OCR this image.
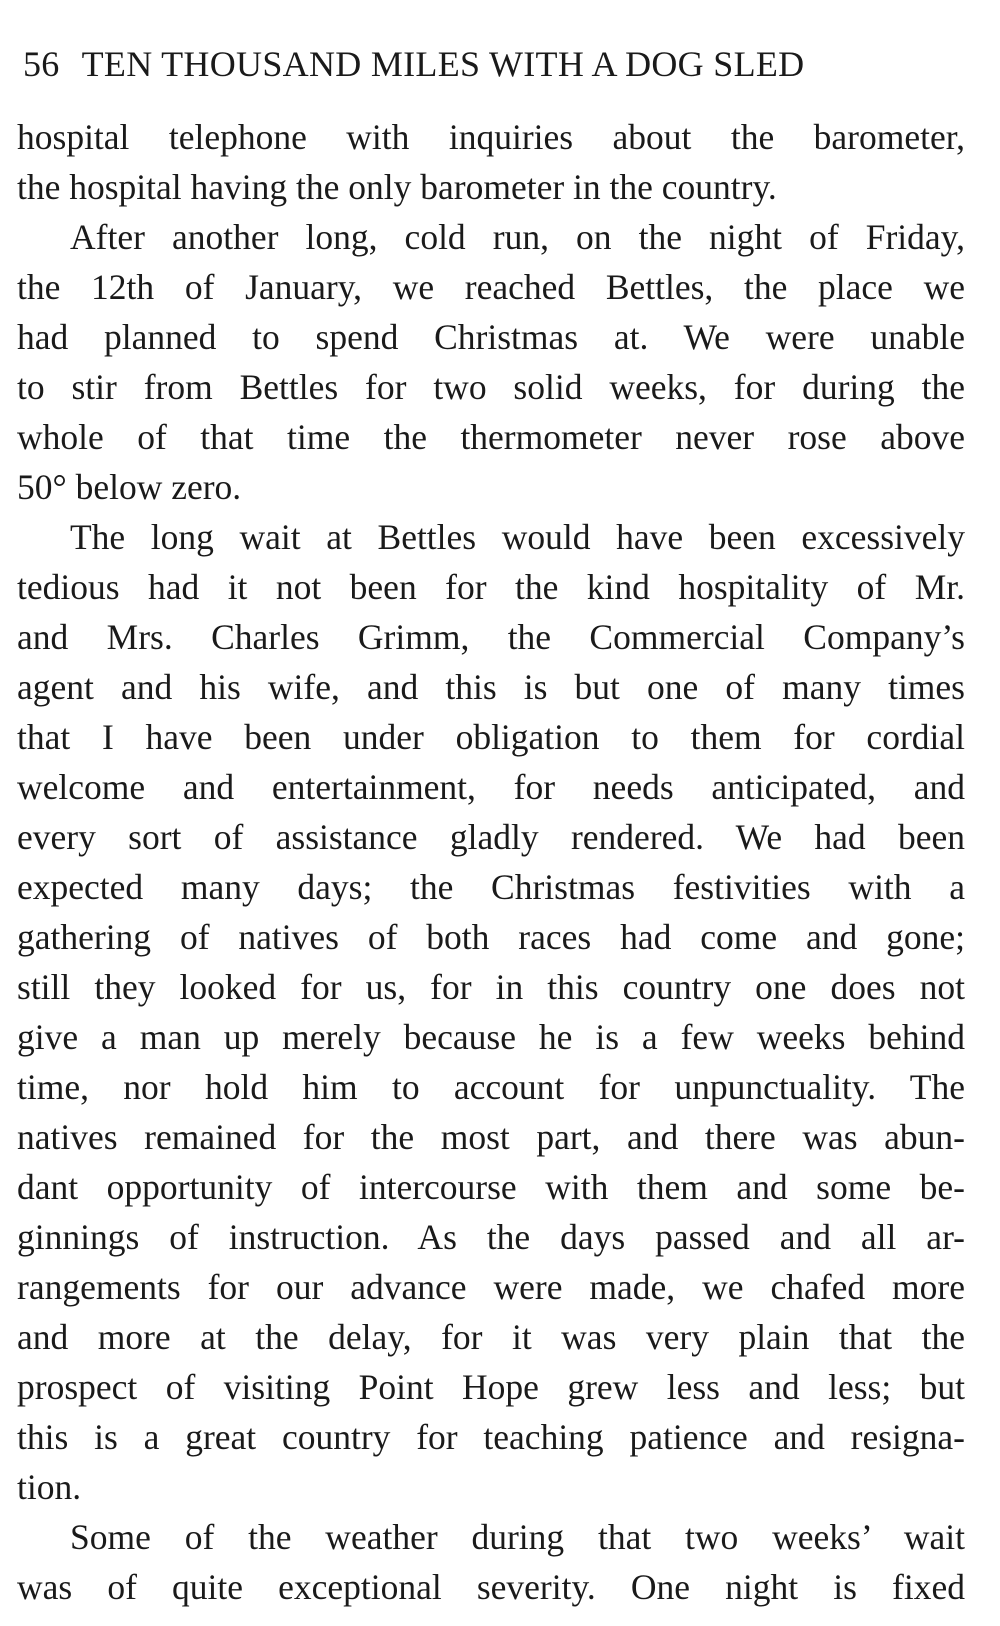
56 TEN THOUSAND MILES WITH A DOG SLED
hospital telephone with inquiries about the barometer,
the hospital having the only barometer in the country.
After another long, cold run, on the night of Friday,
the 12th of January, we reached Bettles, the place we
had planned to spend Christmas at. We were unable
to stir from Bettles for two solid weeks, for during the
whole of that time the thermometer never rose above
50° below zero.
The long wait at Bettles would have been excessively
tedious had it not been for the kind hospitality of Mr.
and Mrs. Charles Grimm, the Commercial Company’s
agent and his wife, and this is but one of many times
that I have been under obligation to them for cordial
welcome and entertainment, for needs anticipated, and
every sort of assistance gladly rendered. We had been
expected many days; the Christmas festivities with a
gathering of natives of both races had come and gone;
still they looked for us, for in this country one does not
give a man up merely because he is a few weeks behind
time, nor hold him to account for unpunctuality. The
natives remained for the most part, and there was abun-
dant opportunity of intercourse with them and some be-
ginnings of instruction. As the days passed and all ar-
rangements for our advance were made, we chafed more
and more at the delay, for it was very plain that the
prospect of visiting Point Hope grew less and less; but
this is a great country for teaching patience and resigna-
tion.
Some of the weather during that two weeks’ wait
was of quite exceptional severity. One night is fixed
